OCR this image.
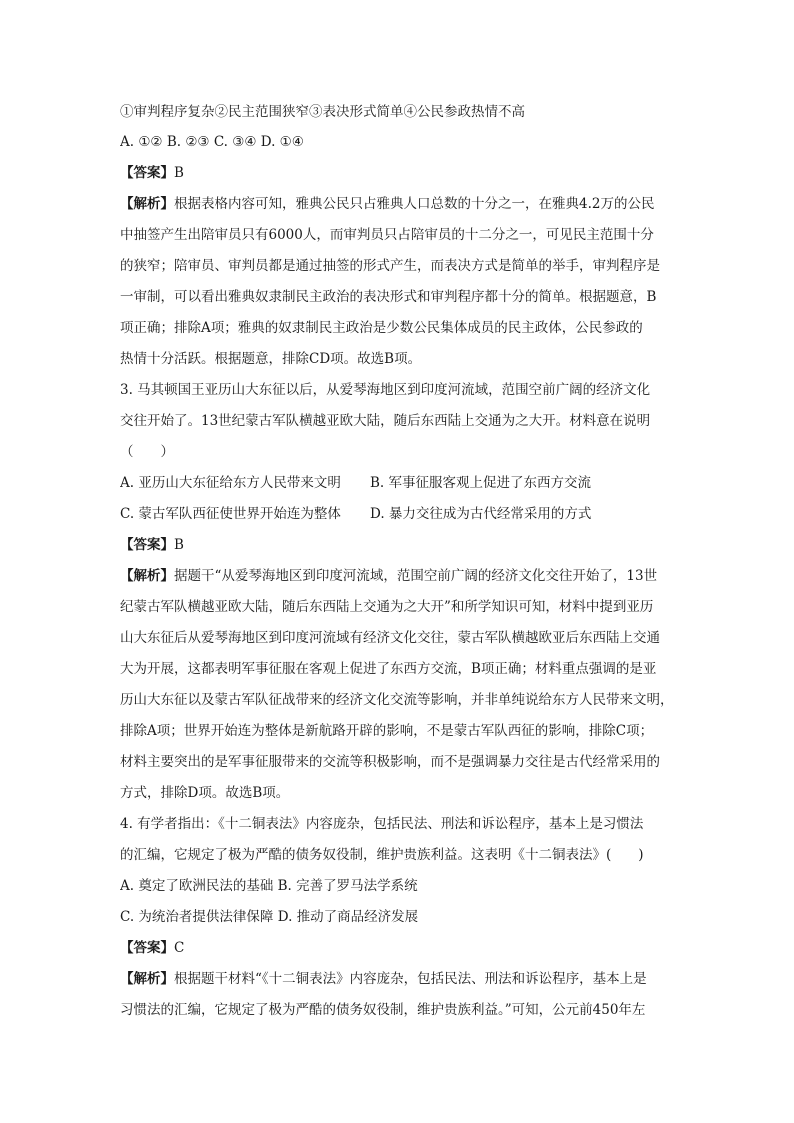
①审判程序复杂②民主范围狭窄③表决形式简单④公民参政热情不高
A. ①② B. ②③ C. ③④ D. ①④
【答案】B
【解析】根据表格内容可知，雅典公民只占雅典人口总数的十分之一，在雅典4.2万的公民
中抽签产生出陪审员只有6000人，而审判员只占陪审员的十二分之一，可见民主范围十分
的狭窄；陪审员、审判员都是通过抽签的形式产生，而表决方式是简单的举手，审判程序是
一审制，可以看出雅典奴隶制民主政治的表决形式和审判程序都十分的简单。根据题意，B
项正确；排除A项；雅典的奴隶制民主政治是少数公民集体成员的民主政体，公民参政的
热情十分活跃。根据题意，排除CD项。故选B项。
3. 马其顿国王亚历山大东征以后，从爱琴海地区到印度河流域，范围空前广阔的经济文化
交往开始了。13世纪蒙古军队横越亚欧大陆，随后东西陆上交通为之大开。材料意在说明
（　　）
A. 亚历山大东征给东方人民带来文明 B. 军事征服客观上促进了东西方交流
C. 蒙古军队西征使世界开始连为整体 D. 暴力交往成为古代经常采用的方式
【答案】B
【解析】据题干“从爱琴海地区到印度河流域，范围空前广阔的经济文化交往开始了，13世
纪蒙古军队横越亚欧大陆，随后东西陆上交通为之大开”和所学知识可知，材料中提到亚历
山大东征后从爱琴海地区到印度河流域有经济文化交往，蒙古军队横越欧亚后东西陆上交通
大为开展，这都表明军事征服在客观上促进了东西方交流，B项正确；材料重点强调的是亚
历山大东征以及蒙古军队征战带来的经济文化交流等影响，并非单纯说给东方人民带来文明，
排除A项；世界开始连为整体是新航路开辟的影响，不是蒙古军队西征的影响，排除C项；
材料主要突出的是军事征服带来的交流等积极影响，而不是强调暴力交往是古代经常采用的
方式，排除D项。故选B项。
4. 有学者指出：《十二铜表法》内容庞杂，包括民法、刑法和诉讼程序，基本上是习惯法
的汇编，它规定了极为严酷的债务奴役制，维护贵族利益。这表明《十二铜表法》(　　)
A. 奠定了欧洲民法的基础 B. 完善了罗马法学系统
C. 为统治者提供法律保障 D. 推动了商品经济发展
【答案】C
【解析】根据题干材料“《十二铜表法》内容庞杂，包括民法、刑法和诉讼程序，基本上是
习惯法的汇编，它规定了极为严酷的债务奴役制，维护贵族利益。”可知，公元前450年左
